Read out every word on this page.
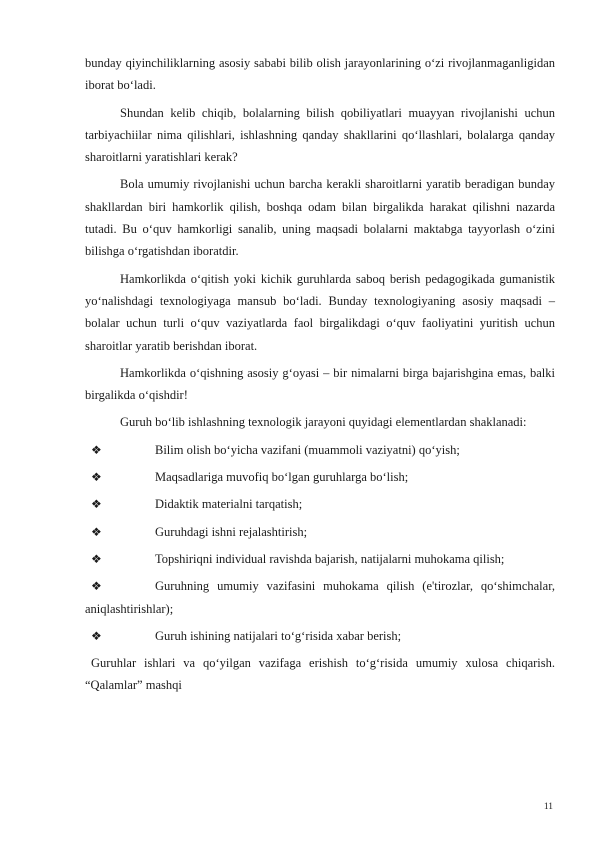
bunday qiyinchiliklarning asosiy sababi bilib olish jarayonlarining o‘zi rivojlanmaganligidan iborat bo‘ladi.

Shundan kelib chiqib, bolalarning bilish qobiliyatlari muayyan rivojlanishi uchun tarbiyachiilar nima qilishlari, ishlashning qanday shakllarini qo‘llashlari, bolalarga qanday sharoitlarni yaratishlari kerak?

Bola umumiy rivojlanishi uchun barcha kerakli sharoitlarni yaratib beradigan bunday shakllardan biri hamkorlik qilish, boshqa odam bilan birgalikda harakat qilishni nazarda tutadi. Bu o‘quv hamkorligi sanalib, uning maqsadi bolalarni maktabga tayyorlash o‘zini bilishga o‘rgatishdan iboratdir.

Hamkorlikda o‘qitish yoki kichik guruhlarda saboq berish pedagogikada gumanistik yo‘nalishdagi texnologiyaga mansub bo‘ladi. Bunday texnologiyaning asosiy maqsadi – bolalar uchun turli o‘quv vaziyatlarda faol birgalikdagi o‘quv faoliyatini yuritish uchun sharoitlar yaratib berishdan iborat.

Hamkorlikda o‘qishning asosiy g‘oyasi – bir nimalarni birga bajarishgina emas, balki birgalikda o‘qishdir!

Guruh bo‘lib ishlashning texnologik jarayoni quyidagi elementlardan shaklanadi:

❖	Bilim olish bo‘yicha vazifani (muammoli vaziyatni) qo‘yish;
❖	Maqsadlariga muvofiq bo‘lgan guruhlarga bo‘lish;
❖	Didaktik materialni tarqatish;
❖	Guruhdagi ishni rejalashtirish;
❖	Topshiriqni individual ravishda bajarish, natijalarni muhokama qilish;

❖	Guruhning umumiy vazifasini muhokama qilish (e'tirozlar, qo‘shimchalar, aniqlashtirishlar);

❖	Guruh ishining natijalari to‘g‘risida xabar berish;

Guruhlar ishlari va qo‘yilgan vazifaga erishish to‘g‘risida umumiy xulosa chiqarish. “Qalamlar” mashqi

11
